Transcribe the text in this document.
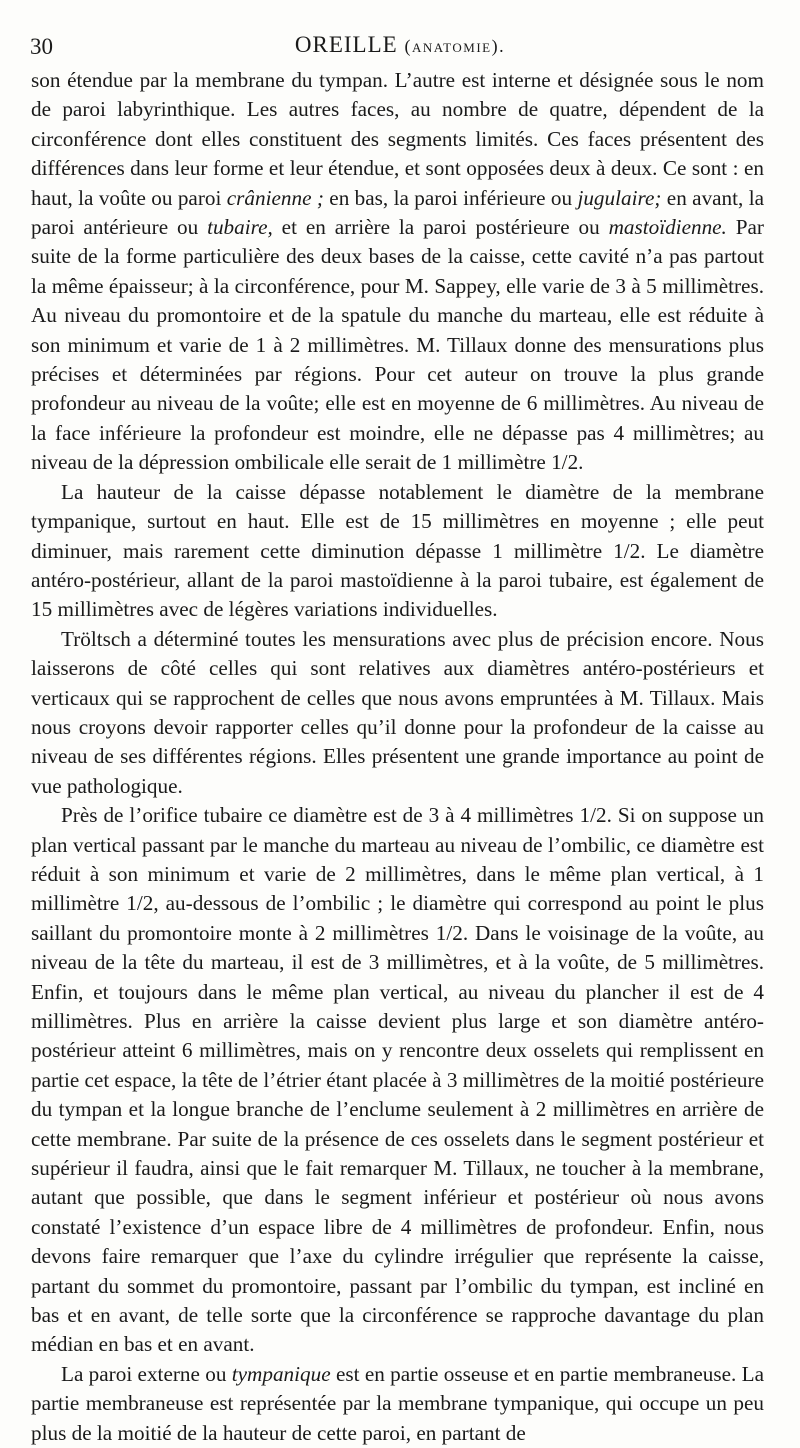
30	OREILLE (anatomie).

son étendue par la membrane du tympan. L’autre est interne et désignée sous le nom de paroi labyrinthique. Les autres faces, au nombre de quatre, dépendent de la circonférence dont elles constituent des segments limités. Ces faces présentent des différences dans leur forme et leur étendue, et sont opposées deux à deux. Ce sont : en haut, la voûte ou paroi crânienne ; en bas, la paroi inférieure ou jugulaire; en avant, la paroi antérieure ou tubaire, et en arrière la paroi postérieure ou mastoïdienne. Par suite de la forme particulière des deux bases de la caisse, cette cavité n’a pas partout la même épaisseur; à la circonférence, pour M. Sappey, elle varie de 3 à 5 millimètres. Au niveau du promontoire et de la spatule du manche du marteau, elle est réduite à son minimum et varie de 1 à 2 millimètres. M. Tillaux donne des mensurations plus précises et déterminées par régions. Pour cet auteur on trouve la plus grande profondeur au niveau de la voûte; elle est en moyenne de 6 millimètres. Au niveau de la face inférieure la profondeur est moindre, elle ne dépasse pas 4 millimètres; au niveau de la dépression ombilicale elle serait de 1 millimètre 1/2.

La hauteur de la caisse dépasse notablement le diamètre de la membrane tympanique, surtout en haut. Elle est de 15 millimètres en moyenne ; elle peut diminuer, mais rarement cette diminution dépasse 1 millimètre 1/2. Le diamètre antéro-postérieur, allant de la paroi mastoïdienne à la paroi tubaire, est également de 15 millimètres avec de légères variations individuelles.

Tröltsch a déterminé toutes les mensurations avec plus de précision encore. Nous laisserons de côté celles qui sont relatives aux diamètres antéro-postérieurs et verticaux qui se rapprochent de celles que nous avons empruntées à M. Tillaux. Mais nous croyons devoir rapporter celles qu’il donne pour la profondeur de la caisse au niveau de ses différentes régions. Elles présentent une grande importance au point de vue pathologique.

Près de l’orifice tubaire ce diamètre est de 3 à 4 millimètres 1/2. Si on suppose un plan vertical passant par le manche du marteau au niveau de l’ombilic, ce diamètre est réduit à son minimum et varie de 2 millimètres, dans le même plan vertical, à 1 millimètre 1/2, au-dessous de l’ombilic ; le diamètre qui correspond au point le plus saillant du promontoire monte à 2 millimètres 1/2. Dans le voisinage de la voûte, au niveau de la tête du marteau, il est de 3 millimètres, et à la voûte, de 5 millimètres. Enfin, et toujours dans le même plan vertical, au niveau du plancher il est de 4 millimètres. Plus en arrière la caisse devient plus large et son diamètre antéro-postérieur atteint 6 millimètres, mais on y rencontre deux osselets qui remplissent en partie cet espace, la tête de l’étrier étant placée à 3 millimètres de la moitié postérieure du tympan et la longue branche de l’enclume seulement à 2 millimètres en arrière de cette membrane. Par suite de la présence de ces osselets dans le segment postérieur et supérieur il faudra, ainsi que le fait remarquer M. Tillaux, ne toucher à la membrane, autant que possible, que dans le segment inférieur et postérieur où nous avons constaté l’existence d’un espace libre de 4 millimètres de profondeur. Enfin, nous devons faire remarquer que l’axe du cylindre irrégulier que représente la caisse, partant du sommet du promontoire, passant par l’ombilic du tympan, est incliné en bas et en avant, de telle sorte que la circonférence se rapproche davantage du plan médian en bas et en avant.

La paroi externe ou tympanique est en partie osseuse et en partie membraneuse. La partie membraneuse est représentée par la membrane tympanique, qui occupe un peu plus de la moitié de la hauteur de cette paroi, en partant de
